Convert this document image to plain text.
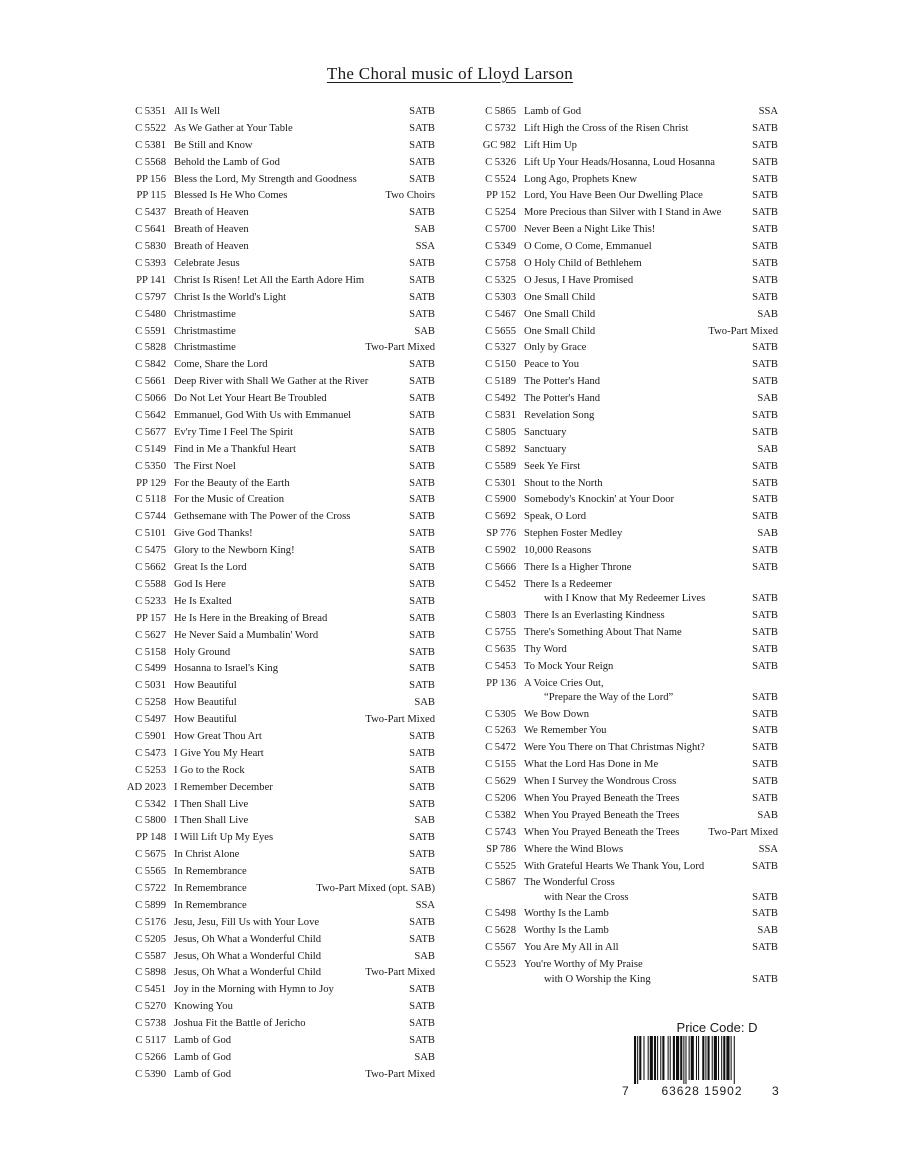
The Choral music of Lloyd Larson
C 5351 All Is Well	SATB
C 5522 As We Gather at Your Table	SATB
C 5381 Be Still and Know	SATB
C 5568 Behold the Lamb of God	SATB
PP 156 Bless the Lord, My Strength and Goodness	SATB
PP 115 Blessed Is He Who Comes	Two Choirs
C 5437 Breath of Heaven	SATB
C 5641 Breath of Heaven	SAB
C 5830 Breath of Heaven	SSA
C 5393 Celebrate Jesus	SATB
PP 141 Christ Is Risen! Let All the Earth Adore Him	SATB
C 5797 Christ Is the World's Light	SATB
C 5480 Christmastime	SATB
C 5591 Christmastime	SAB
C 5828 Christmastime	Two-Part Mixed
C 5842 Come, Share the Lord	SATB
C 5661 Deep River with Shall We Gather at the River	SATB
C 5066 Do Not Let Your Heart Be Troubled	SATB
C 5642 Emmanuel, God With Us with Emmanuel	SATB
C 5677 Ev'ry Time I Feel The Spirit	SATB
C 5149 Find in Me a Thankful Heart	SATB
C 5350 The First Noel	SATB
PP 129 For the Beauty of the Earth	SATB
C 5118 For the Music of Creation	SATB
C 5744 Gethsemane with The Power of the Cross	SATB
C 5101 Give God Thanks!	SATB
C 5475 Glory to the Newborn King!	SATB
C 5662 Great Is the Lord	SATB
C 5588 God Is Here	SATB
C 5233 He Is Exalted	SATB
PP 157 He Is Here in the Breaking of Bread	SATB
C 5627 He Never Said a Mumbalin' Word	SATB
C 5158 Holy Ground	SATB
C 5499 Hosanna to Israel's King	SATB
C 5031 How Beautiful	SATB
C 5258 How Beautiful	SAB
C 5497 How Beautiful	Two-Part Mixed
C 5901 How Great Thou Art	SATB
C 5473 I Give You My Heart	SATB
C 5253 I Go to the Rock	SATB
AD 2023 I Remember December	SATB
C 5342 I Then Shall Live	SATB
C 5800 I Then Shall Live	SAB
PP 148 I Will Lift Up My Eyes	SATB
C 5675 In Christ Alone	SATB
C 5565 In Remembrance	SATB
C 5722 In Remembrance	Two-Part Mixed (opt. SAB)
C 5899 In Remembrance	SSA
C 5176 Jesu, Jesu, Fill Us with Your Love	SATB
C 5205 Jesus, Oh What a Wonderful Child	SATB
C 5587 Jesus, Oh What a Wonderful Child	SAB
C 5898 Jesus, Oh What a Wonderful Child	Two-Part Mixed
C 5451 Joy in the Morning with Hymn to Joy	SATB
C 5270 Knowing You	SATB
C 5738 Joshua Fit the Battle of Jericho	SATB
C 5117 Lamb of God	SATB
C 5266 Lamb of God	SAB
C 5390 Lamb of God	Two-Part Mixed
C 5865 Lamb of God	SSA
C 5732 Lift High the Cross of the Risen Christ	SATB
GC 982 Lift Him Up	SATB
C 5326 Lift Up Your Heads/Hosanna, Loud Hosanna	SATB
C 5524 Long Ago, Prophets Knew	SATB
PP 152 Lord, You Have Been Our Dwelling Place	SATB
C 5254 More Precious than Silver with I Stand in Awe	SATB
C 5700 Never Been a Night Like This!	SATB
C 5349 O Come, O Come, Emmanuel	SATB
C 5758 O Holy Child of Bethlehem	SATB
C 5325 O Jesus, I Have Promised	SATB
C 5303 One Small Child	SATB
C 5467 One Small Child	SAB
C 5655 One Small Child	Two-Part Mixed
C 5327 Only by Grace	SATB
C 5150 Peace to You	SATB
C 5189 The Potter's Hand	SATB
C 5492 The Potter's Hand	SAB
C 5831 Revelation Song	SATB
C 5805 Sanctuary	SATB
C 5892 Sanctuary	SAB
C 5589 Seek Ye First	SATB
C 5301 Shout to the North	SATB
C 5900 Somebody's Knockin' at Your Door	SATB
C 5692 Speak, O Lord	SATB
SP 776 Stephen Foster Medley	SAB
C 5902 10,000 Reasons	SATB
C 5666 There Is a Higher Throne	SATB
C 5452 There Is a Redeemer
with I Know that My Redeemer Lives	SATB
C 5803 There Is an Everlasting Kindness	SATB
C 5755 There's Something About That Name	SATB
C 5635 Thy Word	SATB
C 5453 To Mock Your Reign	SATB
PP 136 A Voice Cries Out,
“Prepare the Way of the Lord”	SATB
C 5305 We Bow Down	SATB
C 5263 We Remember You	SATB
C 5472 Were You There on That Christmas Night?	SATB
C 5155 What the Lord Has Done in Me	SATB
C 5629 When I Survey the Wondrous Cross	SATB
C 5206 When You Prayed Beneath the Trees	SATB
C 5382 When You Prayed Beneath the Trees	SAB
C 5743 When You Prayed Beneath the Trees	Two-Part Mixed
SP 786 Where the Wind Blows	SSA
C 5525 With Grateful Hearts We Thank You, Lord	SATB
C 5867 The Wonderful Cross
with Near the Cross	SATB
C 5498 Worthy Is the Lamb	SATB
C 5628 Worthy Is the Lamb	SAB
C 5567 You Are My All in All	SATB
C 5523 You're Worthy of My Praise
with O Worship the King	SATB
Price Code: D
7	63628 15902	3
